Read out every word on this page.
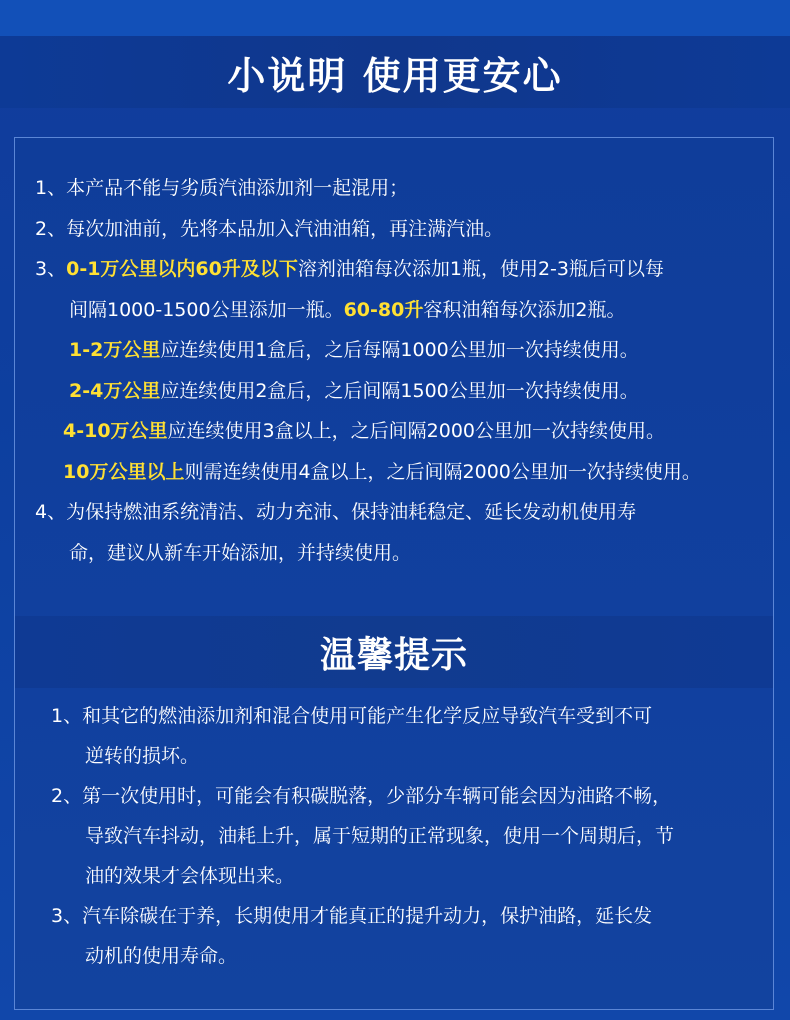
小说明 使用更安心
1、本产品不能与劣质汽油添加剂一起混用；
2、每次加油前，先将本品加入汽油油箱，再注满汽油。
3、0-1万公里以内60升及以下溶剂油箱每次添加1瓶，使用2-3瓶后可以每
间隔1000-1500公里添加一瓶。60-80升容积油箱每次添加2瓶。
1-2万公里应连续使用1盒后，之后每隔1000公里加一次持续使用。
2-4万公里应连续使用2盒后，之后间隔1500公里加一次持续使用。
4-10万公里应连续使用3盒以上，之后间隔2000公里加一次持续使用。
10万公里以上则需连续使用4盒以上，之后间隔2000公里加一次持续使用。
4、为保持燃油系统清洁、动力充沛、保持油耗稳定、延长发动机使用寿
命，建议从新车开始添加，并持续使用。
温馨提示
1、和其它的燃油添加剂和混合使用可能产生化学反应导致汽车受到不可
逆转的损坏。
2、第一次使用时，可能会有积碳脱落，少部分车辆可能会因为油路不畅，
导致汽车抖动，油耗上升，属于短期的正常现象，使用一个周期后，节
油的效果才会体现出来。
3、汽车除碳在于养，长期使用才能真正的提升动力，保护油路，延长发
动机的使用寿命。
